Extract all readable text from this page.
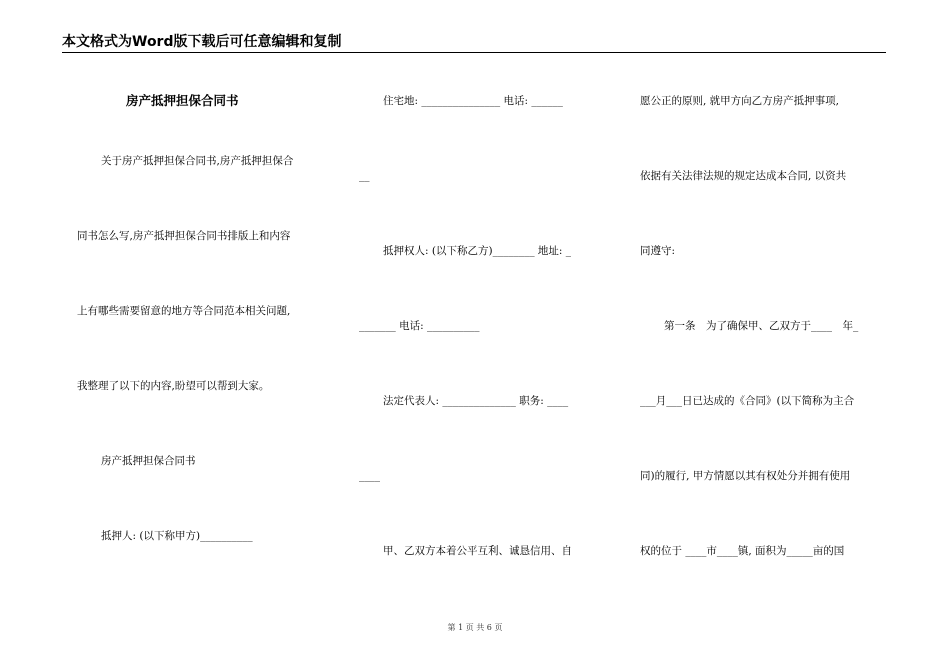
本文格式为Word版下载后可任意编辑和复制
房产抵押担保合同书
关于房产抵押担保合同书,房产抵押担保合
同书怎么写,房产抵押担保合同书排版上和内容
上有哪些需要留意的地方等合同范本相关问题,
我整理了以下的内容,盼望可以帮到大家。
房产抵押担保合同书
抵押人: (以下称甲方)__________
住宅地: _______________ 电话: ______
__
抵押权人: (以下称乙方)________ 地址: _
_______ 电话: __________
法定代表人: ______________ 职务: ____
____
甲、乙双方本着公平互利、诚恳信用、自
愿公正的原则, 就甲方向乙方房产抵押事项,
依据有关法律法规的规定达成本合同, 以资共
同遵守:
第一条　为了确保甲、乙双方于____　年_
___月___日已达成的《合同》(以下简称为主合
同)的履行, 甲方情愿以其有权处分并拥有使用
权的位于 ____市____镇, 面积为_____亩的国
第 1 页 共 6 页
